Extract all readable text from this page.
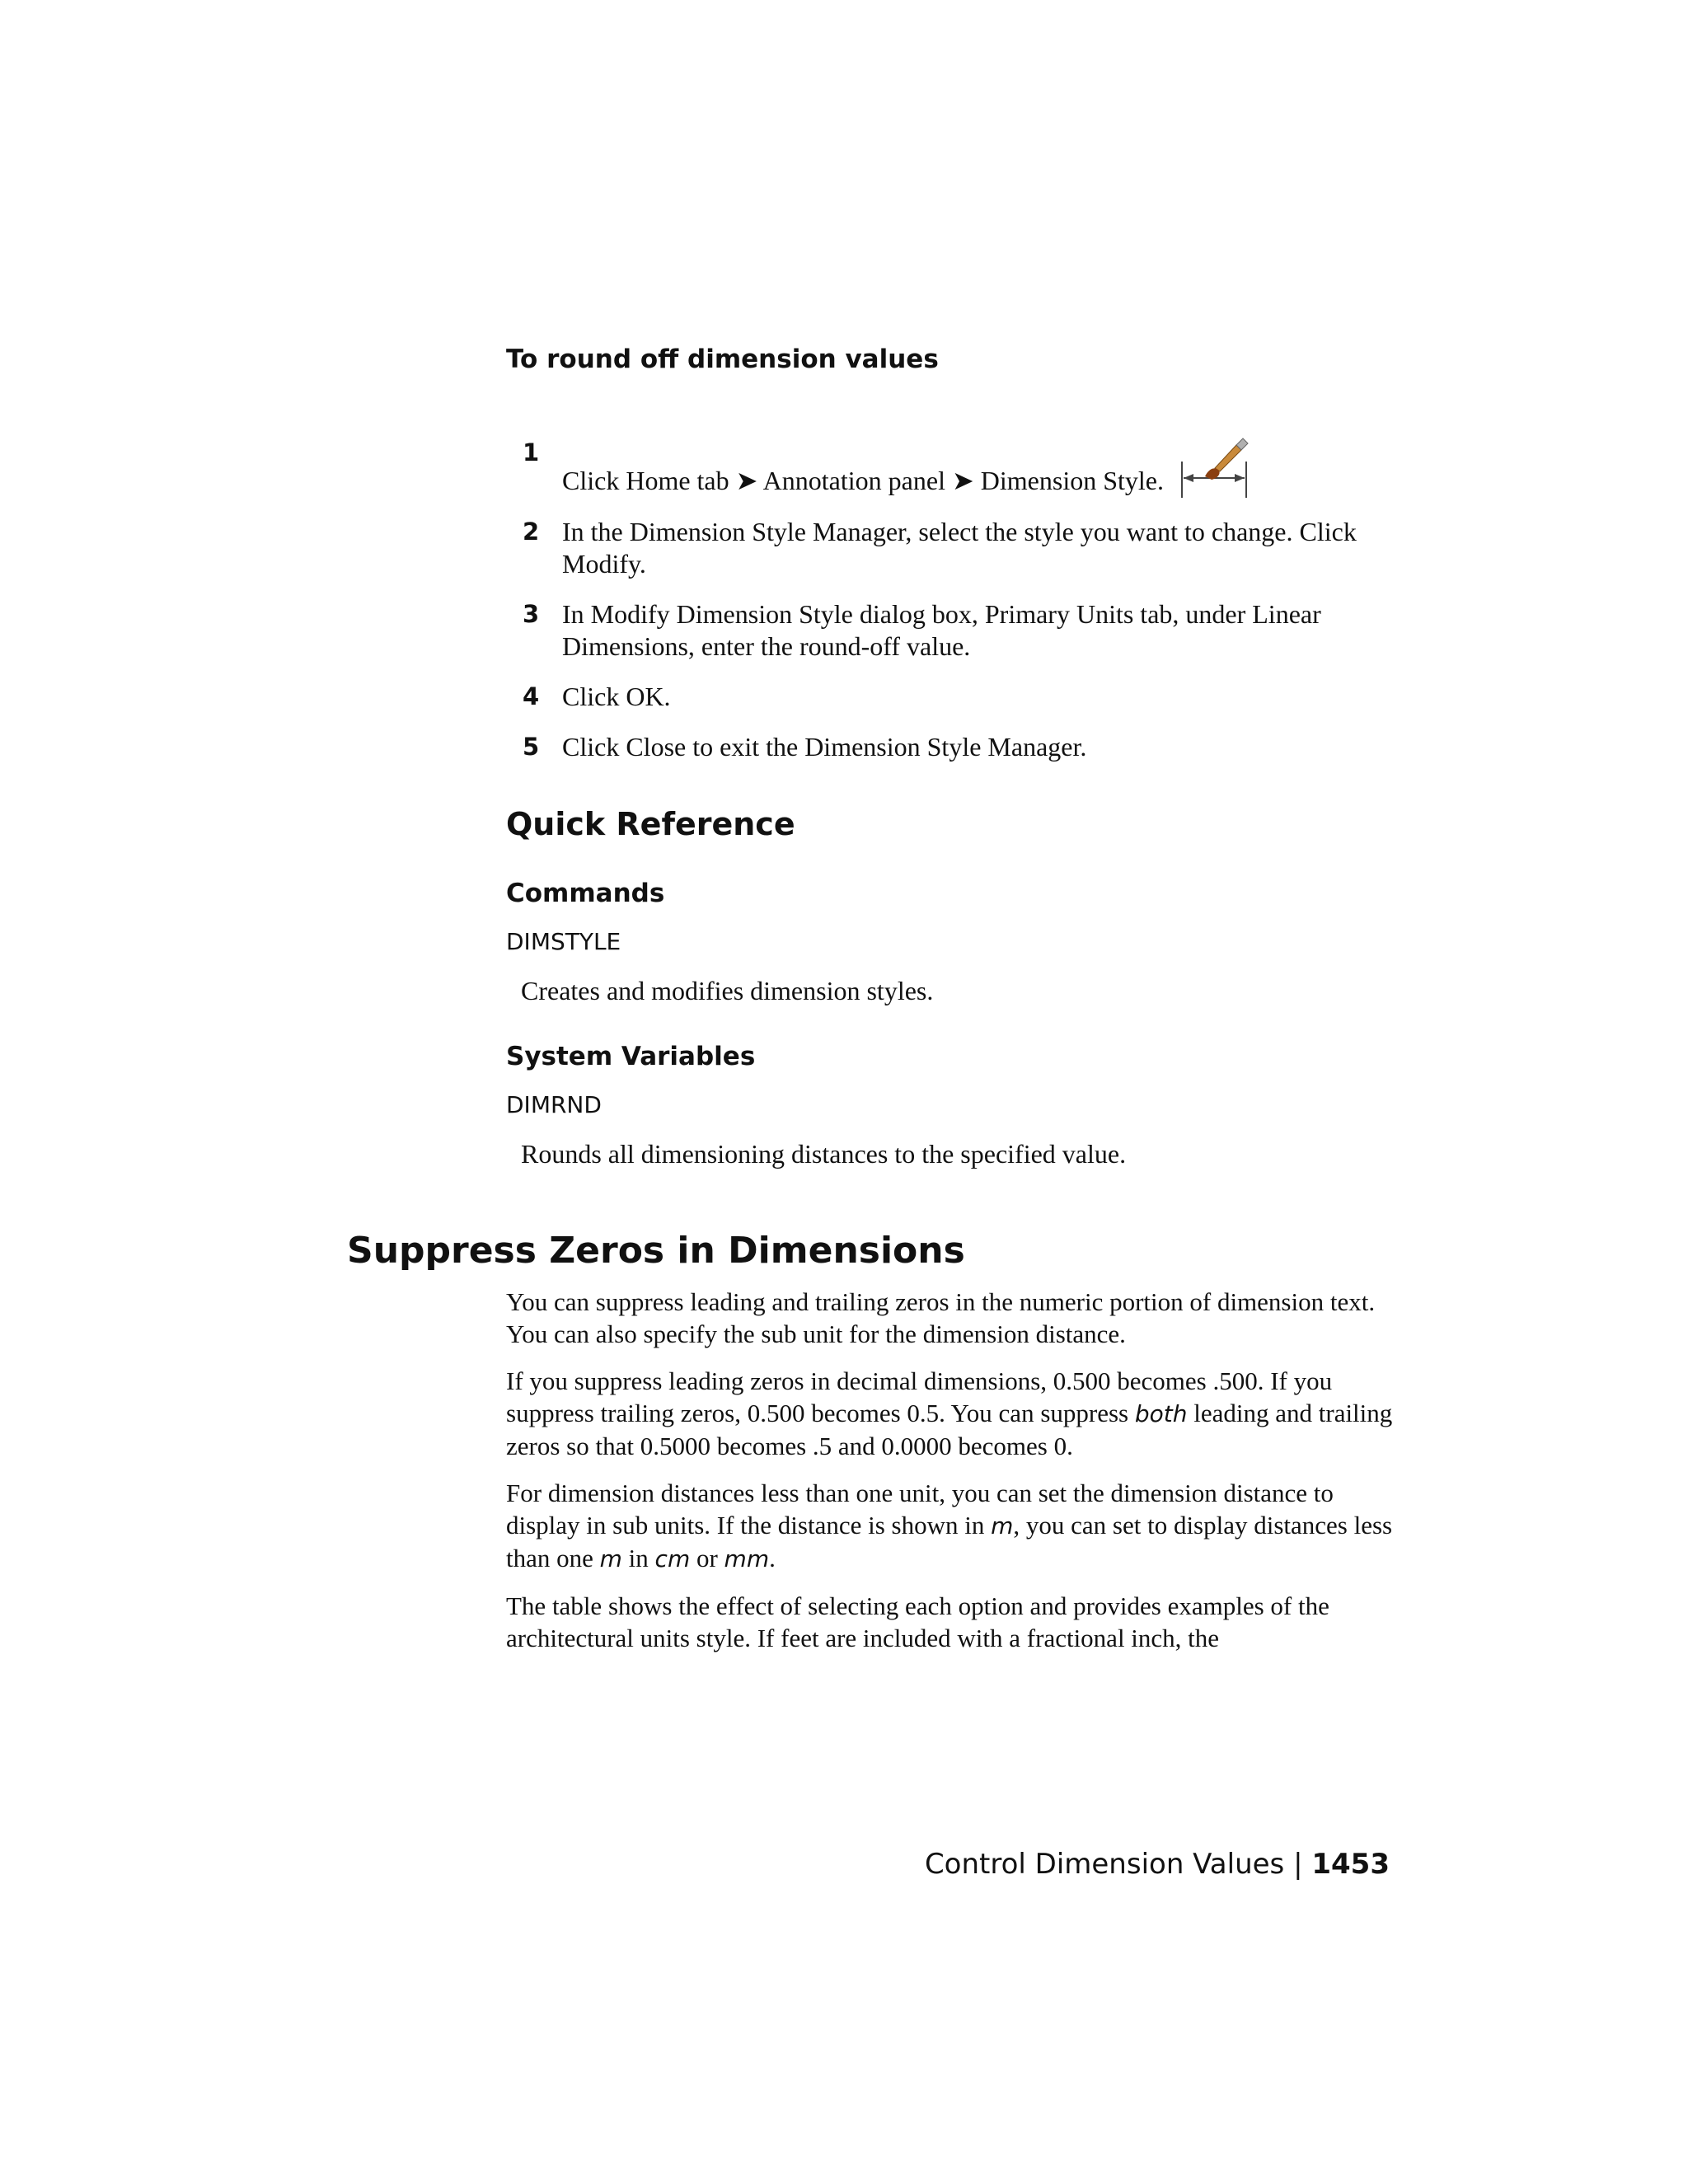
To round off dimension values
1
Click Home tab ➤ Annotation panel ➤ Dimension Style.
2 In the Dimension Style Manager, select the style you want to change. Click Modify.
3 In Modify Dimension Style dialog box, Primary Units tab, under Linear Dimensions, enter the round-off value.
4 Click OK.
5 Click Close to exit the Dimension Style Manager.
Quick Reference
Commands
DIMSTYLE
Creates and modifies dimension styles.
System Variables
DIMRND
Rounds all dimensioning distances to the specified value.
Suppress Zeros in Dimensions

You can suppress leading and trailing zeros in the numeric portion of dimension text. You can also specify the sub unit for the dimension distance.

If you suppress leading zeros in decimal dimensions, 0.500 becomes .500. If you suppress trailing zeros, 0.500 becomes 0.5. You can suppress both leading and trailing zeros so that 0.5000 becomes .5 and 0.0000 becomes 0.

For dimension distances less than one unit, you can set the dimension distance to display in sub units. If the distance is shown in m, you can set to display distances less than one m in cm or mm.

The table shows the effect of selecting each option and provides examples of the architectural units style. If feet are included with a fractional inch, the

Control Dimension Values | 1453
